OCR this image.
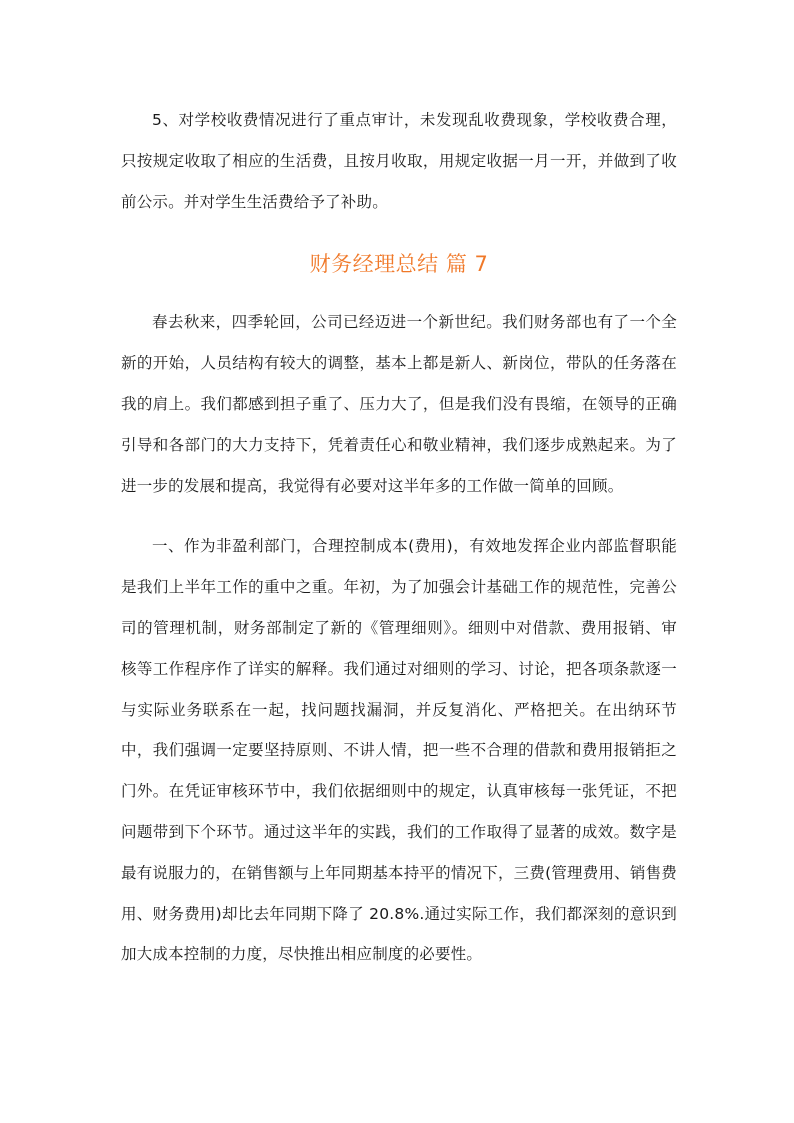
5、对学校收费情况进行了重点审计，未发现乱收费现象，学校收费合理，只按规定收取了相应的生活费，且按月收取，用规定收据一月一开，并做到了收前公示。并对学生生活费给予了补助。

财务经理总结 篇 7

春去秋来，四季轮回，公司已经迈进一个新世纪。我们财务部也有了一个全新的开始，人员结构有较大的调整，基本上都是新人、新岗位，带队的任务落在我的肩上。我们都感到担子重了、压力大了，但是我们没有畏缩，在领导的正确引导和各部门的大力支持下，凭着责任心和敬业精神，我们逐步成熟起来。为了进一步的发展和提高，我觉得有必要对这半年多的工作做一简单的回顾。

一、作为非盈利部门，合理控制成本(费用)，有效地发挥企业内部监督职能是我们上半年工作的重中之重。年初，为了加强会计基础工作的规范性，完善公司的管理机制，财务部制定了新的《管理细则》。细则中对借款、费用报销、审核等工作程序作了详实的解释。我们通过对细则的学习、讨论，把各项条款逐一与实际业务联系在一起，找问题找漏洞，并反复消化、严格把关。在出纳环节中，我们强调一定要坚持原则、不讲人情，把一些不合理的借款和费用报销拒之门外。在凭证审核环节中，我们依据细则中的规定，认真审核每一张凭证，不把问题带到下个环节。通过这半年的实践，我们的工作取得了显著的成效。数字是最有说服力的，在销售额与上年同期基本持平的情况下，三费(管理费用、销售费用、财务费用)却比去年同期下降了 20.8%.通过实际工作，我们都深刻的意识到加大成本控制的力度，尽快推出相应制度的必要性。
